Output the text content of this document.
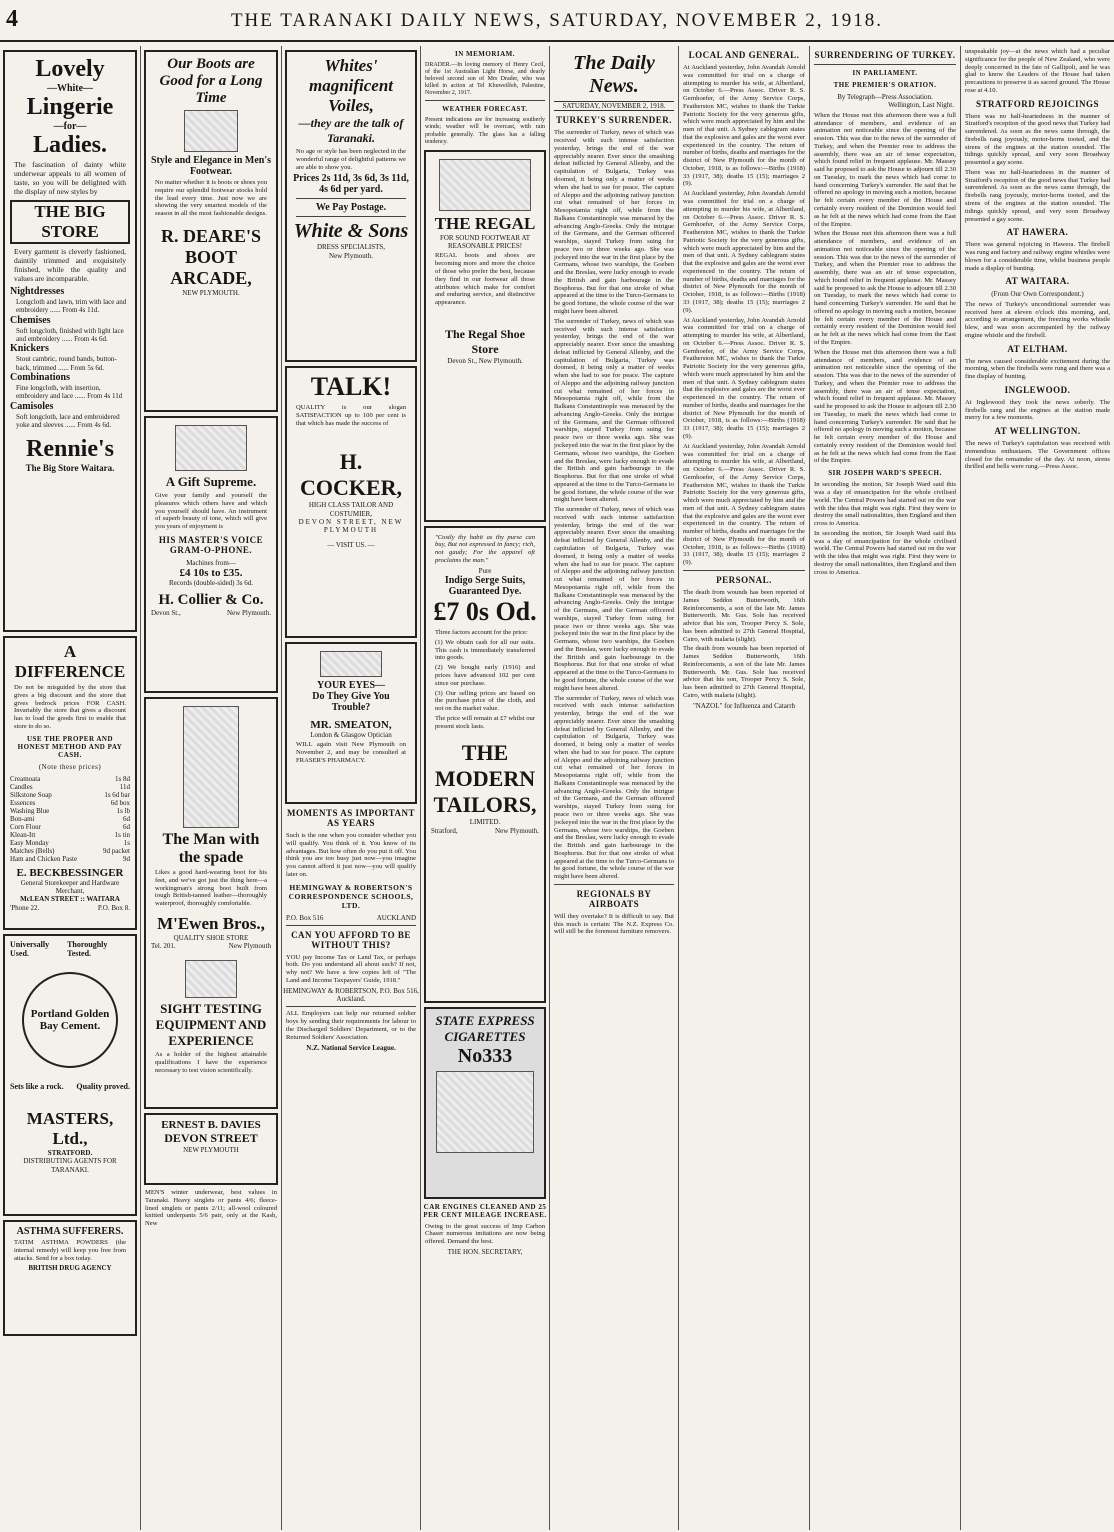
4	THE TARANAKI DAILY NEWS, SATURDAY, NOVEMBER 2, 1918.
Lovely
—White—
Lingerie
—for—
Ladies.
The fascination of dainty white underwear appeals to all women of taste, so you will be delighted with the display of new styles by
THE BIG STORE
Every garment is cleverly fashioned, daintily trimmed and exquisitely finished, while the quality and values are incomparable.
Nightdresses
Longcloth and lawn, trim with lace and embroidery ...... From 4s 11d.
Chemises
Soft longcloth, finished with light lace and embroidery ...... From 4s 6d.
Knickers
Stout cambric, round bands, button-back, trimmed ...... From 5s 6d.
Combinations
Fine longcloth, with insertion, embroidery and lace ...... From 4s 11d
Camisoles
Soft longcloth, lace and embroidered yoke and sleeves ...... From 4s 6d.
Rennie's
The Big Store Waitara.
A DIFFERENCE
Do not be misguided by the store that gives a big discount and the store that gives bedrock prices FOR CASH. Invariably the store that gives a discount has to load the goods first to enable that store to do so.
USE THE PROPER AND HONEST METHOD AND PAY CASH.
(Note these prices)
Creamoata	1s 8d
Candles	11d
Silkstone Soap	1s 6d bar
Essences	6d box
Washing Blue	1s lb
Bon-ami	6d
Corn Flour	6d
Klean-Itt	1s tin
Easy Monday	1s
Matches (Bells)	9d packet
Ham and Chicken Paste	9d
E. BECKBESSINGER
General Storekeeper and Hardware Merchant,
McLEAN STREET :: WAITARA
'Phone 22.	P.O. Box 8.
Universally Used.
Thoroughly Tested.
Portland Golden Bay Cement.
Sets like a rock. Quality proved.
MASTERS, Ltd.,
STRATFORD.
DISTRIBUTING AGENTS FOR TARANAKI.
ASTHMA SUFFERERS.
TATIM ASTHMA POWDERS (the internal remedy) will keep you free from attacks. Send for a box today.
BRITISH DRUG AGENCY
Our Boots are Good for a Long Time
Style and Elegance in Men's Footwear.
No matter whether it is boots or shoes you require our splendid footwear stocks hold the lead every time. Just now we are showing the very smartest models of the season in all the most fashionable designs.
R. DEARE'S BOOT ARCADE,
NEW PLYMOUTH.
A Gift Supreme.
Give your family and yourself the pleasures which others have and which you yourself should have. An instrument of superb beauty of tone, which will give you years of enjoyment is
HIS MASTER'S VOICE GRAM-O-PHONE.
Machines from—
£4 10s to £35.
Records (double-sided) 3s 6d.
H. Collier & Co.
Devon St.,	New Plymouth.
The Man with the spade
Likes a good hard-wearing boot for his feet, and we've got just the thing here—a workingman's strong boot built from tough British-tanned leather—thoroughly waterproof, thoroughly comfortable.
M'Ewen Bros.,
QUALITY SHOE STORE
Tel. 201.	New Plymouth
SIGHT TESTING EQUIPMENT AND EXPERIENCE
As a holder of the highest attainable qualifications I have the experience necessary to test vision scientifically.
ERNEST B. DAVIES
DEVON STREET
NEW PLYMOUTH
MEN'S winter underwear, best values in Taranaki. Heavy singlets or pants 4/6; fleece-lined singlets or pants 2/11; all-wool coloured knitted underpants 5/6 pair, only at the Kash, New
Whites' magnificent Voiles,
—they are the talk of Taranaki.
No age or style has been neglected in the wonderful range of delightful patterns we are able to show you.
Prices 2s 11d, 3s 6d, 3s 11d, 4s 6d per yard.
We Pay Postage.
White & Sons
DRESS SPECIALISTS,
New Plymouth.
TALK!
QUALITY is our slogan SATISFACTION up to 100 per cent is that which has made the success of
H. COCKER,
HIGH CLASS TAILOR AND COSTUMIER,
DEVON STREET, NEW PLYMOUTH
— VISIT US. —
YOUR EYES—
Do They Give You Trouble?
MR. SMEATON,
London & Glasgow Optician
WILL again visit New Plymouth on November 2, and may be consulted at FRASER'S PHARMACY.
MOMENTS AS IMPORTANT AS YEARS
Such is the one when you consider whether you will qualify. You think of it. You know of its advantages. But how often do you put it off. You think you are too busy just now—you imagine you cannot afford it just now—you will qualify later on.
HEMINGWAY & ROBERTSON'S CORRESPONDENCE SCHOOLS, LTD.
P.O. Box 516	AUCKLAND
CAN YOU AFFORD TO BE WITHOUT THIS?
YOU pay Income Tax or Land Tax, or perhaps both. Do you understand all about such? If not, why not? We have a few copies left of "The Land and Income Taxpayers' Guide, 1918."
HEMINGWAY & ROBERTSON, P.O. Box 516, Auckland.
ALL Employers can help our returned soldier boys by sending their requirements for labour to the Discharged Soldiers' Department, or to the Returned Soldiers' Association.
N.Z. National Service League.
IN MEMORIAM.
DRADER.—In loving memory of Henry Cecil, of the 1st Australian Light Horse, and dearly beloved second son of Mrs Drader, who was killed in action at Tel Khuweilfeh, Palestine, November 2, 1917.
WEATHER FORECAST.
Present indications are for increasing southerly winds; weather will be overcast, with rain probable generally. The glass has a falling tendency.
THE REGAL
FOR SOUND FOOTWEAR AT REASONABLE PRICES!
REGAL boots and shoes are becoming more and more the choice of those who prefer the best, because they find in our footwear all those attributes which make for comfort and enduring service, and distinctive appearance.
The Regal Shoe Store
Devon St., New Plymouth.
"Costly thy habit as thy purse can buy, But not expressed in fancy; rich, not gaudy; For the apparel oft proclaims the man."
Pure
Indigo Serge Suits, Guaranteed Dye.
£7 0s Od.
Three factors account for the price:
(1) We obtain cash for all our suits. This cash is immediately transferred into goods.
(2) We bought early (1916) and prices have advanced 102 per cent since our purchase.
(3) Our selling prices are based on the purchase price of the cloth, and not on the market value.
The price will remain at £7 whilst our present stock lasts.
THE MODERN TAILORS,
LIMITED.
Stratford,	New Plymouth.
STATE EXPRESS CIGARETTES
No333
CAR ENGINES CLEANED AND 25 PER CENT MILEAGE INCREASE.
Owing to the great success of Imp Carbon Chaser numerous imitations are now being offered. Demand the best.
THE HON. SECRETARY,
The Daily News.
SATURDAY, NOVEMBER 2, 1918.
TURKEY'S SURRENDER.
The surrender of Turkey, news of which was received with such intense satisfaction yesterday, brings the end of the war appreciably nearer. Ever since the smashing defeat inflicted by General Allenby, and the capitulation of Bulgaria, Turkey was doomed, it being only a matter of weeks when she had to sue for peace. The capture of Aleppo and the adjoining railway junction cut what remained of her forces in Mesopotamia right off, while from the Balkans Constantinople was menaced by the advancing Anglo-Greeks. Only the intrigue of the Germans, and the German officered warships, stayed Turkey from suing for peace two or three weeks ago. She was jockeyed into the war in the first place by the Germans, whose two warships, the Goeben and the Breslau, were lucky enough to evade the British and gain harbourage in the Bosphorus. But for that one stroke of what appeared at the time to the Turco-Germans to be good fortune, the whole course of the war might have been altered.
The surrender of Turkey, news of which was received with such intense satisfaction yesterday, brings the end of the war appreciably nearer. Ever since the smashing defeat inflicted by General Allenby, and the capitulation of Bulgaria, Turkey was doomed, it being only a matter of weeks when she had to sue for peace. The capture of Aleppo and the adjoining railway junction cut what remained of her forces in Mesopotamia right off, while from the Balkans Constantinople was menaced by the advancing Anglo-Greeks. Only the intrigue of the Germans, and the German officered warships, stayed Turkey from suing for peace two or three weeks ago. She was jockeyed into the war in the first place by the Germans, whose two warships, the Goeben and the Breslau, were lucky enough to evade the British and gain harbourage in the Bosphorus. But for that one stroke of what appeared at the time to the Turco-Germans to be good fortune, the whole course of the war might have been altered.
The surrender of Turkey, news of which was received with such intense satisfaction yesterday, brings the end of the war appreciably nearer. Ever since the smashing defeat inflicted by General Allenby, and the capitulation of Bulgaria, Turkey was doomed, it being only a matter of weeks when she had to sue for peace. The capture of Aleppo and the adjoining railway junction cut what remained of her forces in Mesopotamia right off, while from the Balkans Constantinople was menaced by the advancing Anglo-Greeks. Only the intrigue of the Germans, and the German officered warships, stayed Turkey from suing for peace two or three weeks ago. She was jockeyed into the war in the first place by the Germans, whose two warships, the Goeben and the Breslau, were lucky enough to evade the British and gain harbourage in the Bosphorus. But for that one stroke of what appeared at the time to the Turco-Germans to be good fortune, the whole course of the war might have been altered.
The surrender of Turkey, news of which was received with such intense satisfaction yesterday, brings the end of the war appreciably nearer. Ever since the smashing defeat inflicted by General Allenby, and the capitulation of Bulgaria, Turkey was doomed, it being only a matter of weeks when she had to sue for peace. The capture of Aleppo and the adjoining railway junction cut what remained of her forces in Mesopotamia right off, while from the Balkans Constantinople was menaced by the advancing Anglo-Greeks. Only the intrigue of the Germans, and the German officered warships, stayed Turkey from suing for peace two or three weeks ago. She was jockeyed into the war in the first place by the Germans, whose two warships, the Goeben and the Breslau, were lucky enough to evade the British and gain harbourage in the Bosphorus. But for that one stroke of what appeared at the time to the Turco-Germans to be good fortune, the whole course of the war might have been altered.
REGIONALS BY AIRBOATS
Will they overtake? It is difficult to say. But this much is certain: The N.Z. Express Co. will still be the foremost furniture removers.
LOCAL AND GENERAL.
At Auckland yesterday, John Avandah Arnold was committed for trial on a charge of attempting to murder his wife, at Albertland, on October 6.—Press Assoc. Driver R. S. Gernhoefer, of the Army Service Corps, Featherston MC, wishes to thank the Turkie Patriotic Society for the very generous gifts, which were much appreciated by him and the men of that unit. A Sydney cablegram states that the explosive and gales are the worst ever experienced in the country. The return of number of births, deaths and marriages for the district of New Plymouth for the month of October, 1918, is as follows:—Births (1918) 33 (1917, 38); deaths 15 (15); marriages 2 (9).
At Auckland yesterday, John Avandah Arnold was committed for trial on a charge of attempting to murder his wife, at Albertland, on October 6.—Press Assoc. Driver R. S. Gernhoefer, of the Army Service Corps, Featherston MC, wishes to thank the Turkie Patriotic Society for the very generous gifts, which were much appreciated by him and the men of that unit. A Sydney cablegram states that the explosive and gales are the worst ever experienced in the country. The return of number of births, deaths and marriages for the district of New Plymouth for the month of October, 1918, is as follows:—Births (1918) 33 (1917, 38); deaths 15 (15); marriages 2 (9).
At Auckland yesterday, John Avandah Arnold was committed for trial on a charge of attempting to murder his wife, at Albertland, on October 6.—Press Assoc. Driver R. S. Gernhoefer, of the Army Service Corps, Featherston MC, wishes to thank the Turkie Patriotic Society for the very generous gifts, which were much appreciated by him and the men of that unit. A Sydney cablegram states that the explosive and gales are the worst ever experienced in the country. The return of number of births, deaths and marriages for the district of New Plymouth for the month of October, 1918, is as follows:—Births (1918) 33 (1917, 38); deaths 15 (15); marriages 2 (9).
At Auckland yesterday, John Avandah Arnold was committed for trial on a charge of attempting to murder his wife, at Albertland, on October 6.—Press Assoc. Driver R. S. Gernhoefer, of the Army Service Corps, Featherston MC, wishes to thank the Turkie Patriotic Society for the very generous gifts, which were much appreciated by him and the men of that unit. A Sydney cablegram states that the explosive and gales are the worst ever experienced in the country. The return of number of births, deaths and marriages for the district of New Plymouth for the month of October, 1918, is as follows:—Births (1918) 33 (1917, 38); deaths 15 (15); marriages 2 (9).
PERSONAL.
The death from wounds has been reported of James Seddon Butterworth, 16th Reinforcements, a son of the late Mr. James Butterworth. Mr. Gus. Sole has received advice that his son, Trooper Percy S. Sole, has been admitted to 27th General Hospital, Cairo, with malaria (slight).
The death from wounds has been reported of James Seddon Butterworth, 16th Reinforcements, a son of the late Mr. James Butterworth. Mr. Gus. Sole has received advice that his son, Trooper Percy S. Sole, has been admitted to 27th General Hospital, Cairo, with malaria (slight).
"NAZOL" for Influenza and Catarrh
SURRENDERING OF TURKEY.
IN PARLIAMENT.
THE PREMIER'S ORATION.
By Telegraph—Press Association.
Wellington, Last Night.
When the House met this afternoon there was a full attendance of members, and evidence of an animation not noticeable since the opening of the session. This was due to the news of the surrender of Turkey, and when the Premier rose to address the assembly, there was an air of tense expectation, which found relief in frequent applause. Mr. Massey said he proposed to ask the House to adjourn till 2.30 on Tuesday, to mark the news which had come to hand concerning Turkey's surrender. He said that he offered no apology in moving such a motion, because he felt certain every member of the House and certainly every resident of the Dominion would feel as he felt at the news which had come from the East of the Empire.
When the House met this afternoon there was a full attendance of members, and evidence of an animation not noticeable since the opening of the session. This was due to the news of the surrender of Turkey, and when the Premier rose to address the assembly, there was an air of tense expectation, which found relief in frequent applause. Mr. Massey said he proposed to ask the House to adjourn till 2.30 on Tuesday, to mark the news which had come to hand concerning Turkey's surrender. He said that he offered no apology in moving such a motion, because he felt certain every member of the House and certainly every resident of the Dominion would feel as he felt at the news which had come from the East of the Empire.
When the House met this afternoon there was a full attendance of members, and evidence of an animation not noticeable since the opening of the session. This was due to the news of the surrender of Turkey, and when the Premier rose to address the assembly, there was an air of tense expectation, which found relief in frequent applause. Mr. Massey said he proposed to ask the House to adjourn till 2.30 on Tuesday, to mark the news which had come to hand concerning Turkey's surrender. He said that he offered no apology in moving such a motion, because he felt certain every member of the House and certainly every resident of the Dominion would feel as he felt at the news which had come from the East of the Empire.
SIR JOSEPH WARD'S SPEECH.
In seconding the motion, Sir Joseph Ward said this was a day of emancipation for the whole civilised world. The Central Powers had started out on the war with the idea that might was right. First they were to destroy the small nationalities, then England and then cross to America.
In seconding the motion, Sir Joseph Ward said this was a day of emancipation for the whole civilised world. The Central Powers had started out on the war with the idea that might was right. First they were to destroy the small nationalities, then England and then cross to America.
unspeakable joy—at the news which had a peculiar significance for the people of New Zealand, who were deeply concerned in the fate of Gallipoli, and he was glad to know the Leaders of the House had taken precautions to preserve it as sacred ground. The House rose at 4.10.
STRATFORD REJOICINGS
There was no half-heartedness in the manner of Stratford's reception of the good news that Turkey had surrendered. As soon as the news came through, the firebells rang joyously, motor-horns tooted, and the sirens of the engines at the station sounded. The tidings quickly spread, and very soon Broadway presented a gay scene.
There was no half-heartedness in the manner of Stratford's reception of the good news that Turkey had surrendered. As soon as the news came through, the firebells rang joyously, motor-horns tooted, and the sirens of the engines at the station sounded. The tidings quickly spread, and very soon Broadway presented a gay scene.
AT HAWERA.
There was general rejoicing in Hawera. The firebell was rung and factory and railway engine whistles were blown for a considerable time, whilst business people made a display of bunting.
AT WAITARA.
(From Our Own Correspondent.)
The news of Turkey's unconditional surrender was received here at eleven o'clock this morning, and, according to arrangement, the freezing works whistle blew, and was soon accompanied by the railway engine whistle and the firebell.
AT ELTHAM.
The news caused considerable excitement during the morning, when the firebells were rung and there was a fine display of bunting.
INGLEWOOD.
At Inglewood they took the news soberly. The firebells rang and the engines at the station made merry for a few moments.
AT WELLINGTON.
The news of Turkey's capitulation was received with tremendous enthusiasm. The Government offices closed for the remainder of the day. At noon, sirens thrilled and bells were rung.—Press Assoc.
